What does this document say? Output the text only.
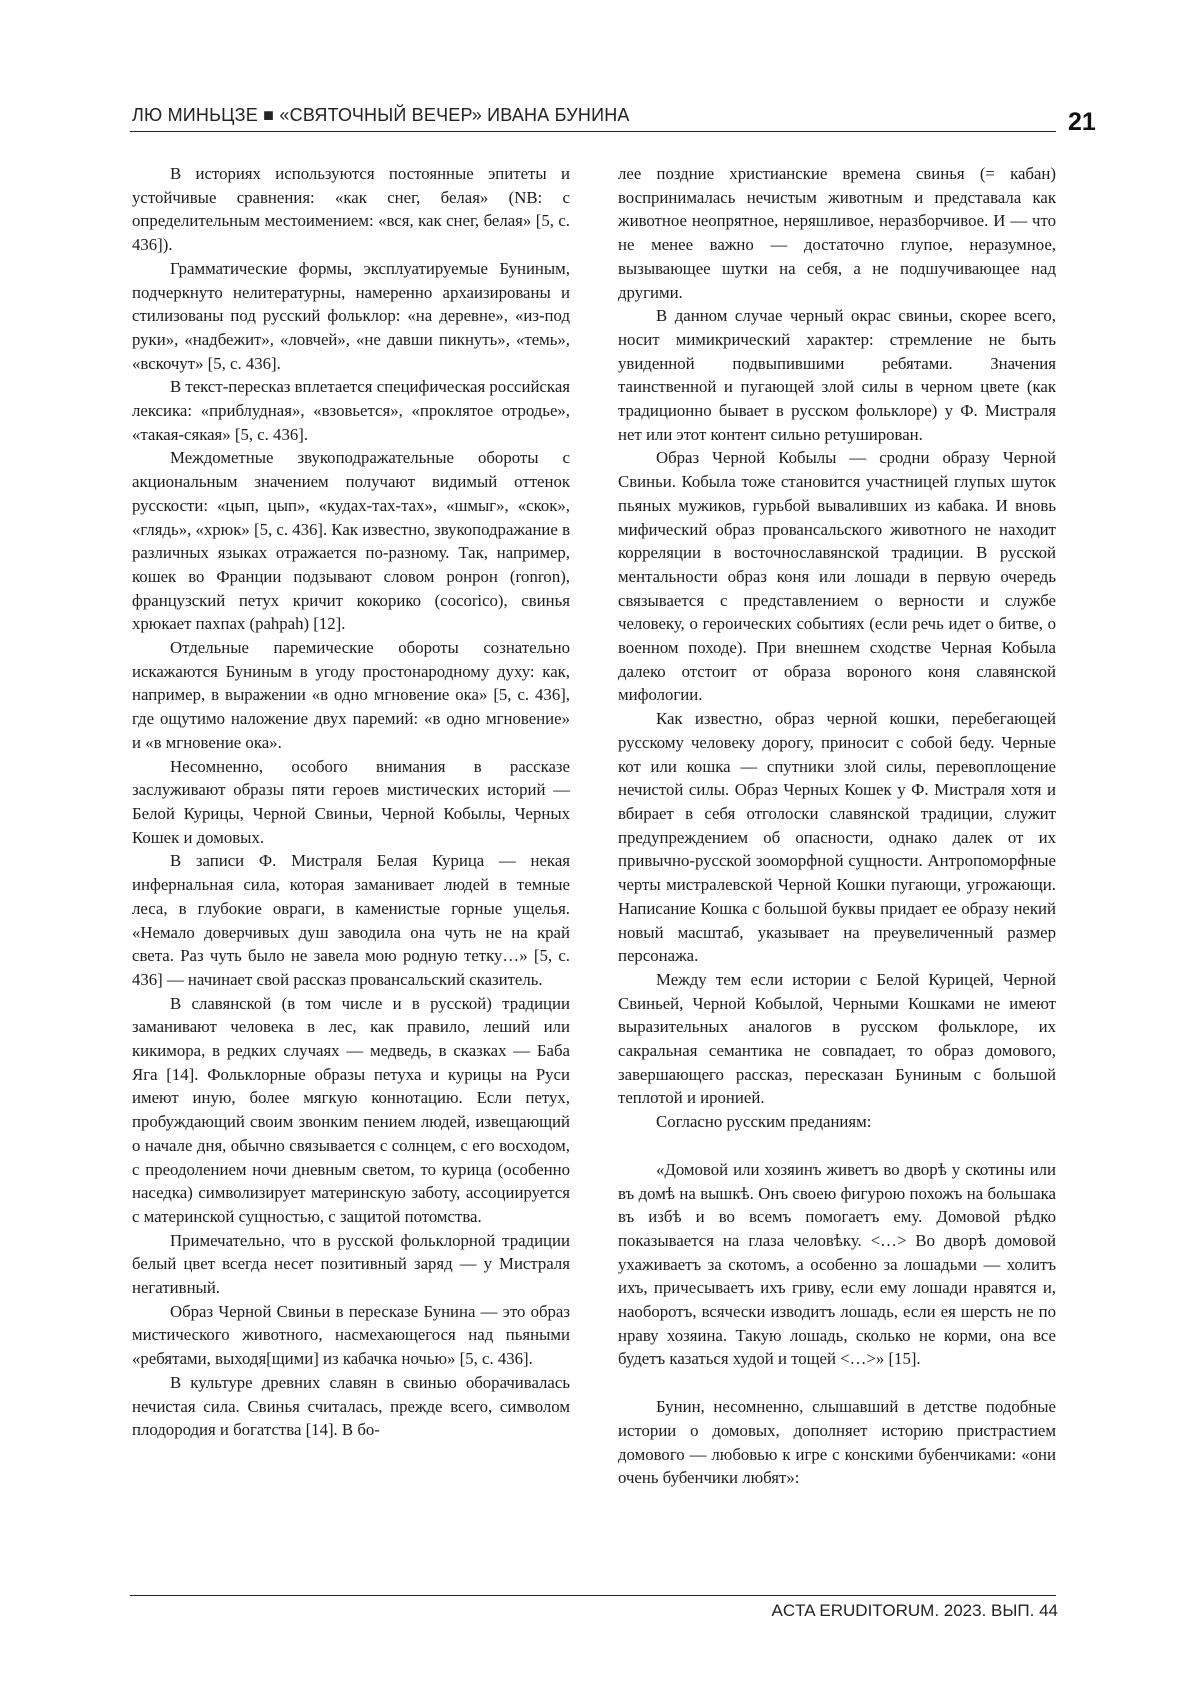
ЛЮ МИНЬЦЗЕ ■ «СВЯТОЧНЫЙ ВЕЧЕР» ИВАНА БУНИНА	21

В историях используются постоянные эпитеты и устойчивые сравнения: «как снег, белая» (NB: с определительным местоимением: «вся, как снег, белая» [5, с. 436]).

Грамматические формы, эксплуатируемые Буниным, подчеркнуто нелитературны, намеренно архаизированы и стилизованы под русский фольклор: «на деревне», «из-под руки», «надбежит», «ловчей», «не давши пикнуть», «темь», «вскочут» [5, с. 436].

В текст-пересказ вплетается специфическая российская лексика: «приблудная», «взовьется», «проклятое отродье», «такая-сякая» [5, с. 436].

Междометные звукоподражательные обороты с акциональным значением получают видимый оттенок русскости: «цып, цып», «кудах-тах-тах», «шмыг», «скок», «глядь», «хрюк» [5, с. 436]. Как известно, звукоподражание в различных языках отражается по-разному. Так, например, кошек во Франции подзывают словом ронрон (ronron), французский петух кричит кокорико (cocorico), свинья хрюкает пахпах (pahpah) [12].

Отдельные паремические обороты сознательно искажаются Буниным в угоду простонародному духу: как, например, в выражении «в одно мгновение ока» [5, с. 436], где ощутимо наложение двух паремий: «в одно мгновение» и «в мгновение ока».

Несомненно, особого внимания в рассказе заслуживают образы пяти героев мистических историй — Белой Курицы, Черной Свиньи, Черной Кобылы, Черных Кошек и домовых.

В записи Ф. Мистраля Белая Курица — некая инфернальная сила, которая заманивает людей в темные леса, в глубокие овраги, в каменистые горные ущелья. «Немало доверчивых душ заводила она чуть не на край света. Раз чуть было не завела мою родную тетку…» [5, с. 436] — начинает свой рассказ провансальский сказитель.

В славянской (в том числе и в русской) традиции заманивают человека в лес, как правило, леший или кикимора, в редких случаях — медведь, в сказках — Баба Яга [14]. Фольклорные образы петуха и курицы на Руси имеют иную, более мягкую коннотацию. Если петух, пробуждающий своим звонким пением людей, извещающий о начале дня, обычно связывается с солнцем, с его восходом, с преодолением ночи дневным светом, то курица (особенно наседка) символизирует материнскую заботу, ассоциируется с материнской сущностью, с защитой потомства.

Примечательно, что в русской фольклорной традиции белый цвет всегда несет позитивный заряд — у Мистраля негативный.

Образ Черной Свиньи в пересказе Бунина — это образ мистического животного, насмехающегося над пьяными «ребятами, выходя[щими] из кабачка ночью» [5, с. 436].

В культуре древних славян в свинью оборачивалась нечистая сила. Свинья считалась, прежде всего, символом плодородия и богатства [14]. В бо-

лее поздние христианские времена свинья (= кабан) воспринималась нечистым животным и представала как животное неопрятное, неряшливое, неразборчивое. И — что не менее важно — достаточно глупое, неразумное, вызывающее шутки на себя, а не подшучивающее над другими.

В данном случае черный окрас свиньи, скорее всего, носит мимикрический характер: стремление не быть увиденной подвыпившими ребятами. Значения таинственной и пугающей злой силы в черном цвете (как традиционно бывает в русском фольклоре) у Ф. Мистраля нет или этот контент сильно ретуширован.

Образ Черной Кобылы — сродни образу Черной Свиньи. Кобыла тоже становится участницей глупых шуток пьяных мужиков, гурьбой вываливших из кабака. И вновь мифический образ провансальского животного не находит корреляции в восточнославянской традиции. В русской ментальности образ коня или лошади в первую очередь связывается с представлением о верности и службе человеку, о героических событиях (если речь идет о битве, о военном походе). При внешнем сходстве Черная Кобыла далеко отстоит от образа вороного коня славянской мифологии.

Как известно, образ черной кошки, перебегающей русскому человеку дорогу, приносит с собой беду. Черные кот или кошка — спутники злой силы, перевоплощение нечистой силы. Образ Черных Кошек у Ф. Мистраля хотя и вбирает в себя отголоски славянской традиции, служит предупреждением об опасности, однако далек от их привычно-русской зооморфной сущности. Антропоморфные черты мистралевской Черной Кошки пугающи, угрожающи. Написание Кошка с большой буквы придает ее образу некий новый масштаб, указывает на преувеличенный размер персонажа.

Между тем если истории с Белой Курицей, Черной Свиньей, Черной Кобылой, Черными Кошками не имеют выразительных аналогов в русском фольклоре, их сакральная семантика не совпадает, то образ домового, завершающего рассказ, пересказан Буниным с большой теплотой и иронией.

Согласно русским преданиям:

«Домовой или хозяинъ живетъ во дворѣ у скотины или въ домѣ на вышкѣ. Онъ своею фигурою похожъ на большака въ избѣ и во всемъ помогаетъ ему. Домовой рѣдко показывается на глаза человѣку. <…> Во дворѣ домовой ухаживаетъ за скотомъ, а особенно за лошадьми — холитъ ихъ, причесываетъ ихъ гриву, если ему лошади нравятся и, наоборотъ, всячески изводитъ лошадь, если ея шерсть не по нраву хозяина. Такую лошадь, сколько не корми, она все будетъ казаться худой и тощей <…>» [15].

Бунин, несомненно, слышавший в детстве подобные истории о домовых, дополняет историю пристрастием домового — любовью к игре с конскими бубенчиками: «они очень бубенчики любят»:

ACTA ERUDITORUM. 2023. ВЫП. 44
